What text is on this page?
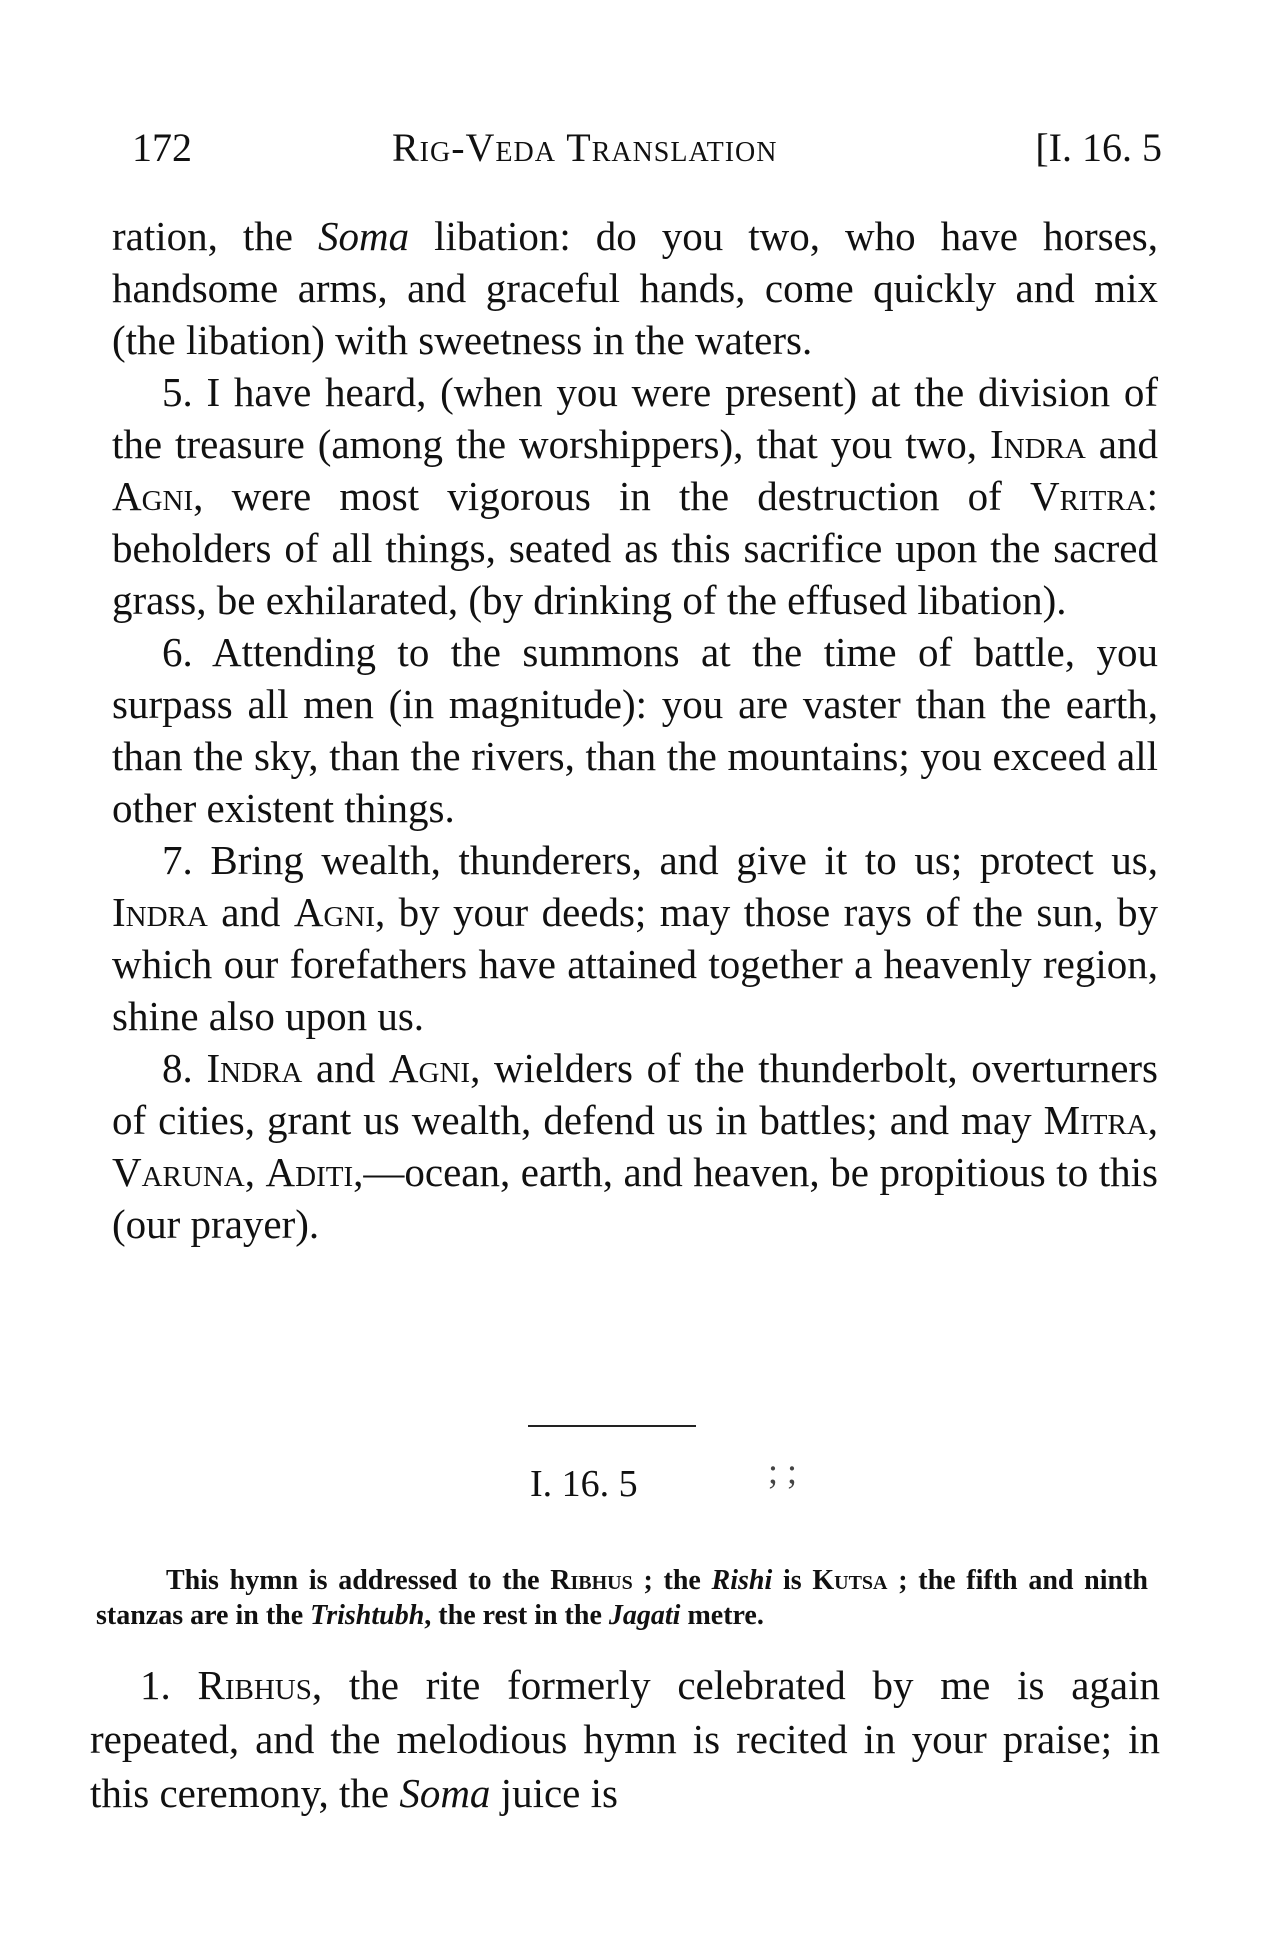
172	Rig-Veda Translation	[I. 16. 5

ration, the Soma libation: do you two, who have horses, handsome arms, and graceful hands, come quickly and mix (the libation) with sweetness in the waters.

5. I have heard, (when you were present) at the division of the treasure (among the worshippers), that you two, Indra and Agni, were most vigorous in the destruction of Vritra: beholders of all things, seated as this sacrifice upon the sacred grass, be exhilarated, (by drinking of the effused libation).

6. Attending to the summons at the time of battle, you surpass all men (in magnitude): you are vaster than the earth, than the sky, than the rivers, than the mountains; you exceed all other existent things.

7. Bring wealth, thunderers, and give it to us; protect us, Indra and Agni, by your deeds; may those rays of the sun, by which our forefathers have attained together a heavenly region, shine also upon us.

8. Indra and Agni, wielders of the thunderbolt, overturners of cities, grant us wealth, defend us in battles; and may Mitra, Varuna, Aditi,—ocean, earth, and heaven, be propitious to this (our prayer).

I. 16. 5	; ;

This hymn is addressed to the Ribhus ; the Rishi is Kutsa ; the fifth and ninth stanzas are in the Trishtubh, the rest in the Jagati metre.

1. Ribhus, the rite formerly celebrated by me is again repeated, and the melodious hymn is recited in your praise; in this ceremony, the Soma juice is
